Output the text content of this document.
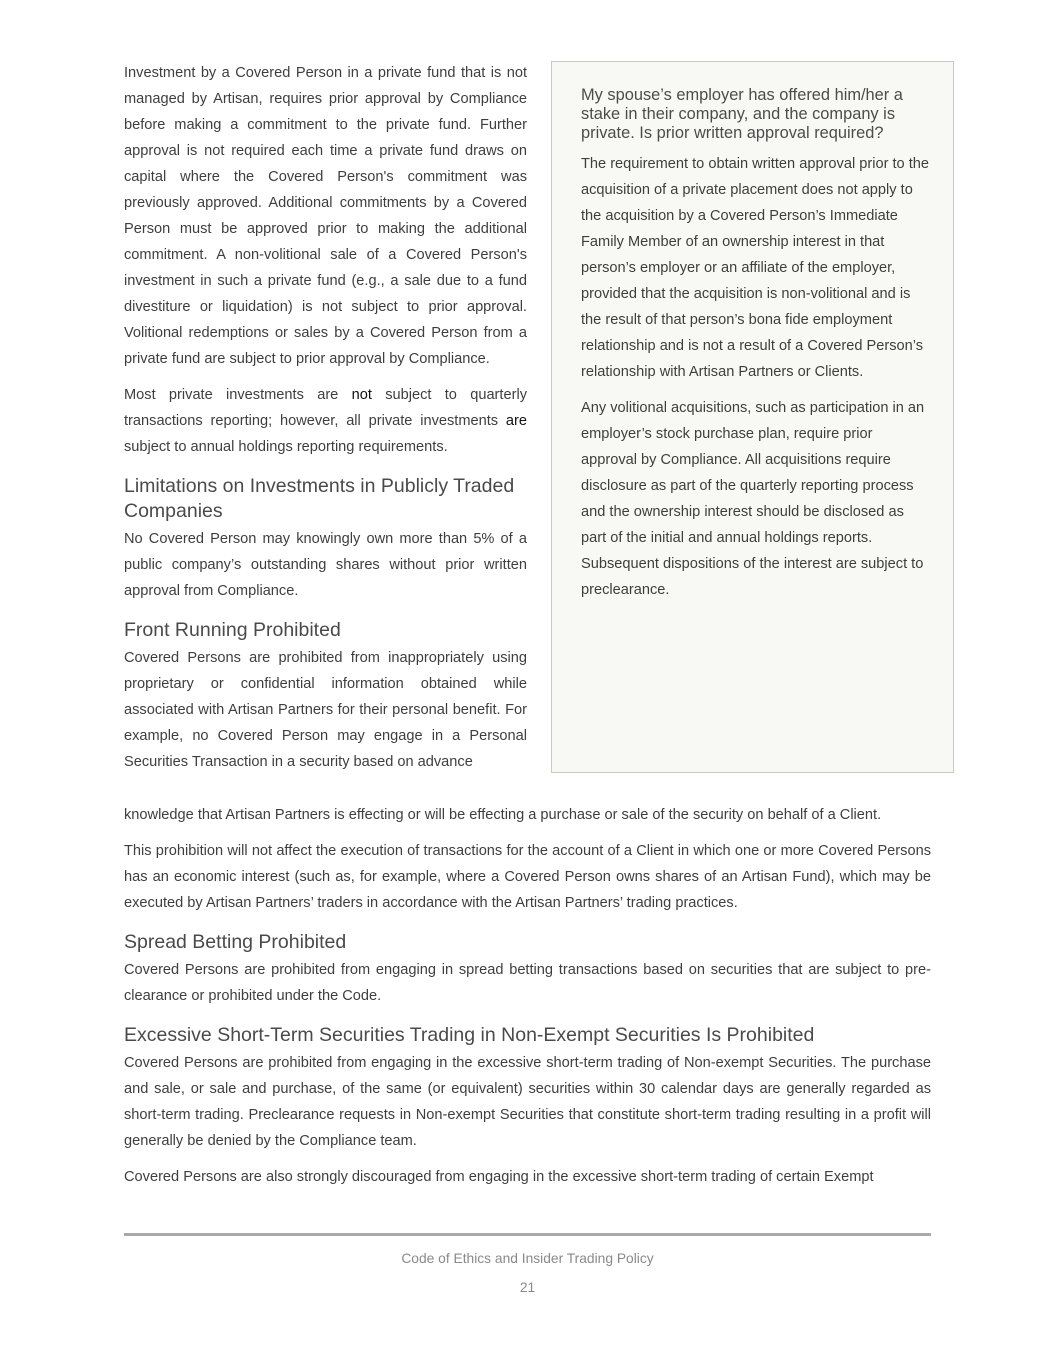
Investment by a Covered Person in a private fund that is not managed by Artisan, requires prior approval by Compliance before making a commitment to the private fund. Further approval is not required each time a private fund draws on capital where the Covered Person's commitment was previously approved. Additional commitments by a Covered Person must be approved prior to making the additional commitment. A non-volitional sale of a Covered Person's investment in such a private fund (e.g., a sale due to a fund divestiture or liquidation) is not subject to prior approval. Volitional redemptions or sales by a Covered Person from a private fund are subject to prior approval by Compliance.

Most private investments are not subject to quarterly transactions reporting; however, all private investments are subject to annual holdings reporting requirements.

Limitations on Investments in Publicly Traded Companies

No Covered Person may knowingly own more than 5% of a public company’s outstanding shares without prior written approval from Compliance.

Front Running Prohibited

Covered Persons are prohibited from inappropriately using proprietary or confidential information obtained while associated with Artisan Partners for their personal benefit. For example, no Covered Person may engage in a Personal Securities Transaction in a security based on advance

My spouse’s employer has offered him/her a stake in their company, and the company is private. Is prior written approval required?

The requirement to obtain written approval prior to the acquisition of a private placement does not apply to the acquisition by a Covered Person’s Immediate Family Member of an ownership interest in that person’s employer or an affiliate of the employer, provided that the acquisition is non-volitional and is the result of that person’s bona fide employment relationship and is not a result of a Covered Person’s relationship with Artisan Partners or Clients.

Any volitional acquisitions, such as participation in an employer’s stock purchase plan, require prior approval by Compliance. All acquisitions require disclosure as part of the quarterly reporting process and the ownership interest should be disclosed as part of the initial and annual holdings reports. Subsequent dispositions of the interest are subject to preclearance.

knowledge that Artisan Partners is effecting or will be effecting a purchase or sale of the security on behalf of a Client.

This prohibition will not affect the execution of transactions for the account of a Client in which one or more Covered Persons has an economic interest (such as, for example, where a Covered Person owns shares of an Artisan Fund), which may be executed by Artisan Partners’ traders in accordance with the Artisan Partners’ trading practices.

Spread Betting Prohibited

Covered Persons are prohibited from engaging in spread betting transactions based on securities that are subject to pre-clearance or prohibited under the Code.

Excessive Short-Term Securities Trading in Non-Exempt Securities Is Prohibited

Covered Persons are prohibited from engaging in the excessive short-term trading of Non-exempt Securities. The purchase and sale, or sale and purchase, of the same (or equivalent) securities within 30 calendar days are generally regarded as short-term trading. Preclearance requests in Non-exempt Securities that constitute short-term trading resulting in a profit will generally be denied by the Compliance team.

Covered Persons are also strongly discouraged from engaging in the excessive short-term trading of certain Exempt

Code of Ethics and Insider Trading Policy
21
